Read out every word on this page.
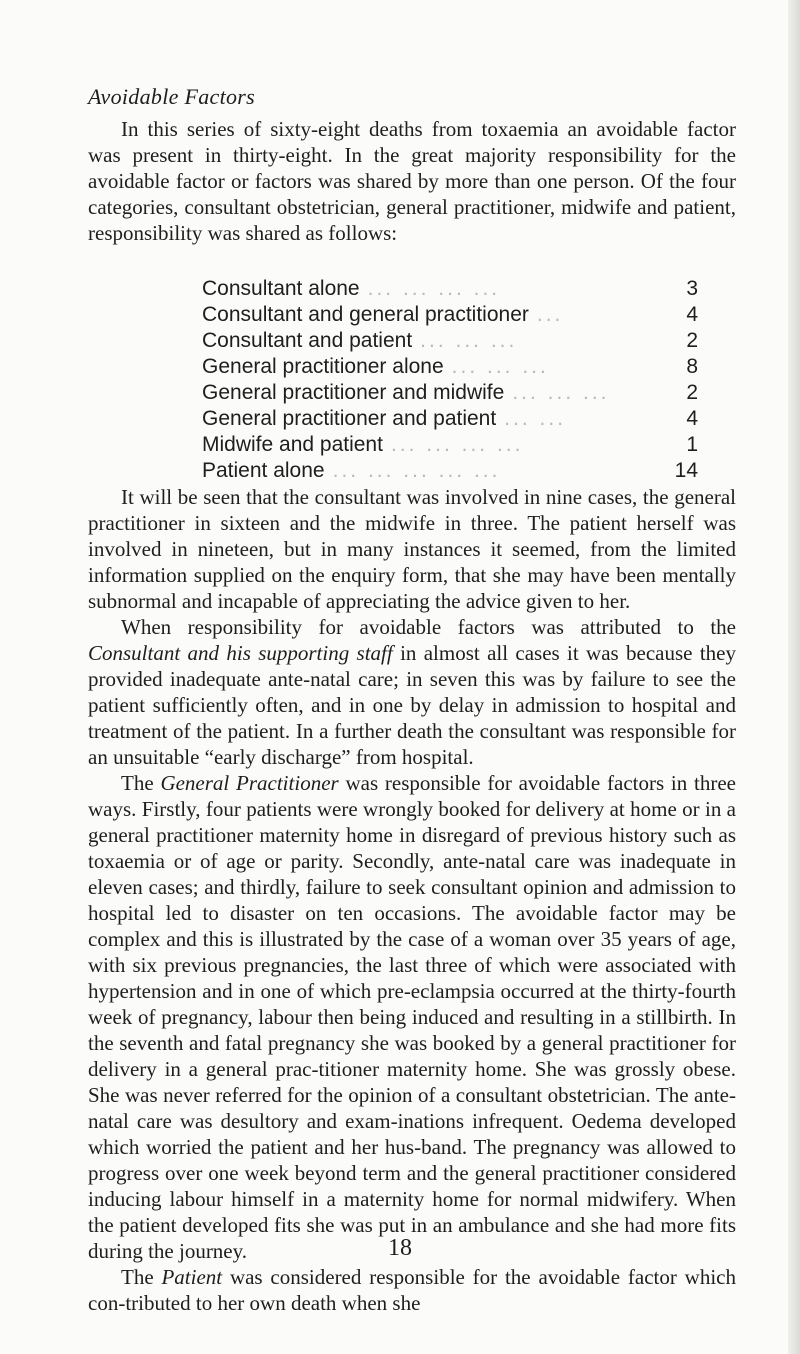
Avoidable Factors

In this series of sixty-eight deaths from toxaemia an avoidable factor was present in thirty-eight. In the great majority responsibility for the avoidable factor or factors was shared by more than one person. Of the four categories, consultant obstetrician, general practitioner, midwife and patient, responsibility was shared as follows:

Consultant alone ... ... ... ...	3
Consultant and general practitioner ...	4
Consultant and patient ... ... ...	2
General practitioner alone ... ... ...	8
General practitioner and midwife ... ... ...	2
General practitioner and patient ... ...	4
Midwife and patient ... ... ... ...	1
Patient alone ... ... ... ... ...	14

It will be seen that the consultant was involved in nine cases, the general practitioner in sixteen and the midwife in three. The patient herself was involved in nineteen, but in many instances it seemed, from the limited information supplied on the enquiry form, that she may have been mentally subnormal and incapable of appreciating the advice given to her.

When responsibility for avoidable factors was attributed to the Consultant and his supporting staff in almost all cases it was because they provided inadequate ante-natal care; in seven this was by failure to see the patient sufficiently often, and in one by delay in admission to hospital and treatment of the patient. In a further death the consultant was responsible for an unsuitable “early discharge” from hospital.

The General Practitioner was responsible for avoidable factors in three ways. Firstly, four patients were wrongly booked for delivery at home or in a general practitioner maternity home in disregard of previous history such as toxaemia or of age or parity. Secondly, ante-natal care was inadequate in eleven cases; and thirdly, failure to seek consultant opinion and admission to hospital led to disaster on ten occasions. The avoidable factor may be complex and this is illustrated by the case of a woman over 35 years of age, with six previous pregnancies, the last three of which were associated with hypertension and in one of which pre-eclampsia occurred at the thirty-fourth week of pregnancy, labour then being induced and resulting in a stillbirth. In the seventh and fatal pregnancy she was booked by a general practitioner for delivery in a general prac-titioner maternity home. She was grossly obese. She was never referred for the opinion of a consultant obstetrician. The ante-natal care was desultory and exam-inations infrequent. Oedema developed which worried the patient and her hus-band. The pregnancy was allowed to progress over one week beyond term and the general practitioner considered inducing labour himself in a maternity home for normal midwifery. When the patient developed fits she was put in an ambulance and she had more fits during the journey.

The Patient was considered responsible for the avoidable factor which con-tributed to her own death when she

18
